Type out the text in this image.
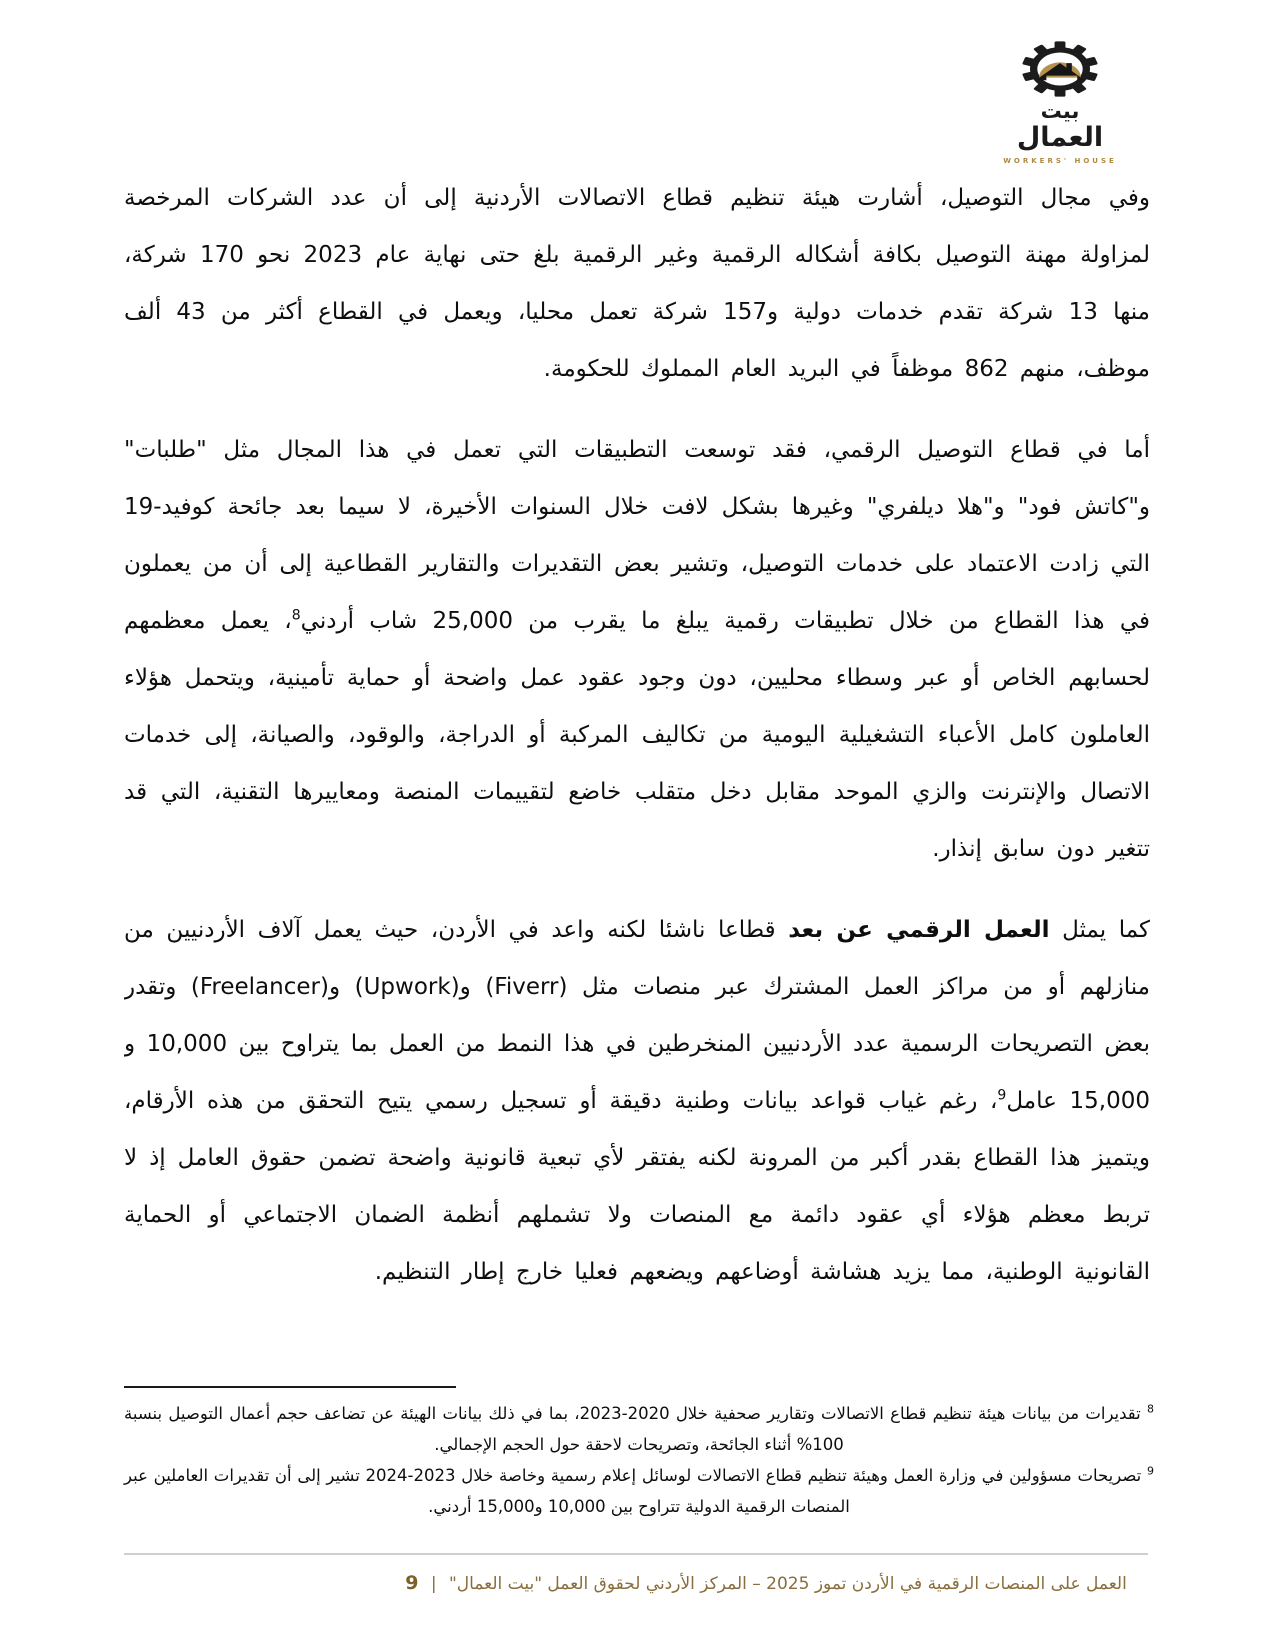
بيت
العمال
WORKERS' HOUSE

وفي مجال التوصيل، أشارت هيئة تنظيم قطاع الاتصالات الأردنية إلى أن عدد الشركات المرخصة لمزاولة مهنة التوصيل بكافة أشكاله الرقمية وغير الرقمية بلغ حتى نهاية عام 2023 نحو 170 شركة، منها 13 شركة تقدم خدمات دولية و157 شركة تعمل محليا، ويعمل في القطاع أكثر من 43 ألف موظف، منهم 862 موظفاً في البريد العام المملوك للحكومة.

أما في قطاع التوصيل الرقمي، فقد توسعت التطبيقات التي تعمل في هذا المجال مثل "طلبات" و"كاتش فود" و"هلا ديلفري" وغيرها بشكل لافت خلال السنوات الأخيرة، لا سيما بعد جائحة كوفيد-19 التي زادت الاعتماد على خدمات التوصيل، وتشير بعض التقديرات والتقارير القطاعية إلى أن من يعملون في هذا القطاع من خلال تطبيقات رقمية يبلغ ما يقرب من 25,000 شاب أردني$^8$، يعمل معظمهم لحسابهم الخاص أو عبر وسطاء محليين، دون وجود عقود عمل واضحة أو حماية تأمينية، ويتحمل هؤلاء العاملون كامل الأعباء التشغيلية اليومية من تكاليف المركبة أو الدراجة، والوقود، والصيانة، إلى خدمات الاتصال والإنترنت والزي الموحد مقابل دخل متقلب خاضع لتقييمات المنصة ومعاييرها التقنية، التي قد تتغير دون سابق إنذار.

كما يمثل العمل الرقمي عن بعد قطاعا ناشئا لكنه واعد في الأردن، حيث يعمل آلاف الأردنيين من منازلهم أو من مراكز العمل المشترك عبر منصات مثل (Fiverr) و(Upwork) و(Freelancer) وتقدر بعض التصريحات الرسمية عدد الأردنيين المنخرطين في هذا النمط من العمل بما يتراوح بين 10,000 و 15,000 عامل$^9$، رغم غياب قواعد بيانات وطنية دقيقة أو تسجيل رسمي يتيح التحقق من هذه الأرقام، ويتميز هذا القطاع بقدر أكبر من المرونة لكنه يفتقر لأي تبعية قانونية واضحة تضمن حقوق العامل إذ لا تربط معظم هؤلاء أي عقود دائمة مع المنصات ولا تشملهم أنظمة الضمان الاجتماعي أو الحماية القانونية الوطنية، مما يزيد هشاشة أوضاعهم ويضعهم فعليا خارج إطار التنظيم.

$^8$ تقديرات من بيانات هيئة تنظيم قطاع الاتصالات وتقارير صحفية خلال 2020-2023، بما في ذلك بيانات الهيئة عن تضاعف حجم أعمال التوصيل بنسبة 100% أثناء الجائحة، وتصريحات لاحقة حول الحجم الإجمالي.

$^9$ تصريحات مسؤولين في وزارة العمل وهيئة تنظيم قطاع الاتصالات لوسائل إعلام رسمية وخاصة خلال 2023-2024 تشير إلى أن تقديرات العاملين عبر المنصات الرقمية الدولية تتراوح بين 10,000 و15,000 أردني.

العمل على المنصات الرقمية في الأردن تموز 2025 – المركز الأردني لحقوق العمل "بيت العمال" | 9
